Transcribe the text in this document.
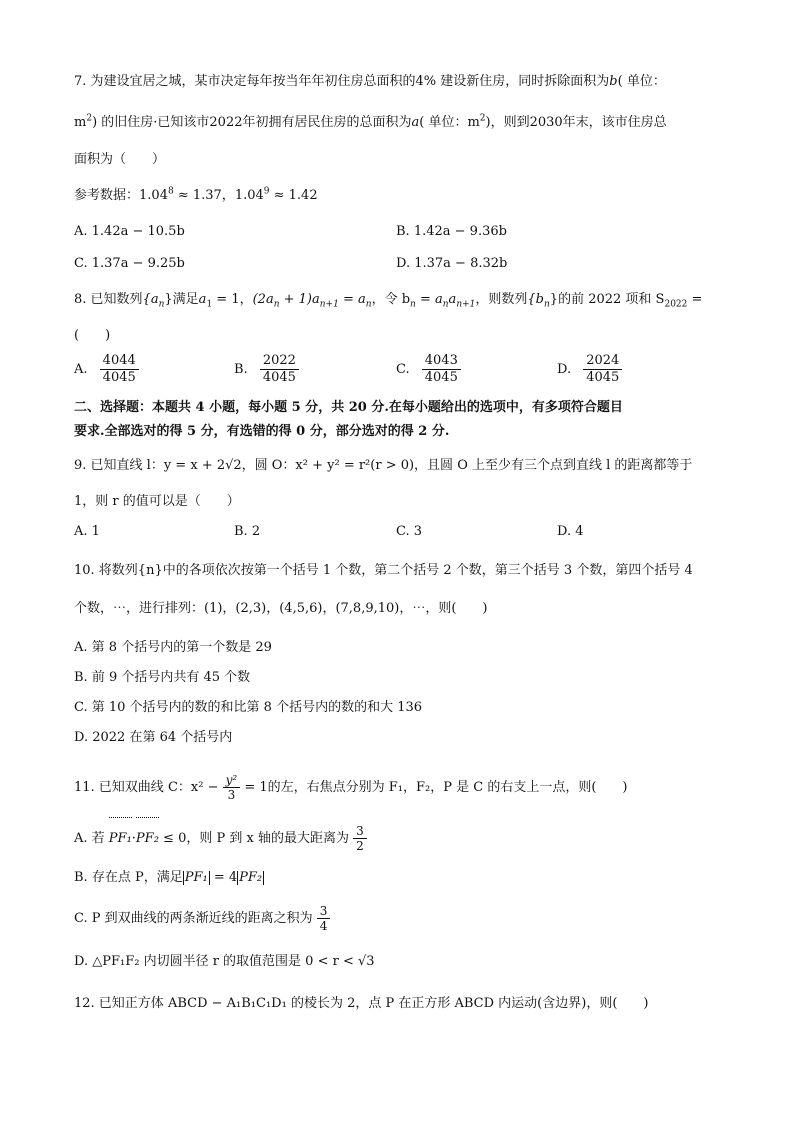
7. 为建设宜居之城，某市决定每年按当年年初住房总面积的4% 建设新住房，同时拆除面积为b( 单位：
$m^2$) 的旧住房·已知该市2022年初拥有居民住房的总面积为a( 单位：$m^2$)，则到2030年末，该市住房总
面积为（　　）
参考数据：$1.04^8 \approx 1.37$，$1.04^9 \approx 1.42$
A. 1.42a − 10.5b	B. 1.42a − 9.36b
C. 1.37a − 9.25b	D. 1.37a − 8.32b
8. 已知数列$\{a_n\}$满足$a_1 = 1$，$(2a_n + 1)a_{n+1} = a_n$，令 $b_n = a_na_{n+1}$，则数列$\{b_n\}$的前 2022 项和 $S_{2022}$ =
(　　)
A. $\frac{4044}{4045}$	B. $\frac{2022}{4045}$	C. $\frac{4043}{4045}$	D. $\frac{2024}{4045}$
二、选择题：本题共 4 小题，每小题 5 分，共 20 分.在每小题给出的选项中，有多项符合题目
要求.全部选对的得 5 分，有选错的得 0 分，部分选对的得 2 分.
9. 已知直线 l：y = x + 2√2，圆 O：x² + y² = r²(r > 0)，且圆 O 上至少有三个点到直线 l 的距离都等于
1，则 r 的值可以是（　　）
A. 1	B. 2	C. 3	D. 4
10. 将数列{n}中的各项依次按第一个括号 1 个数，第二个括号 2 个数，第三个括号 3 个数，第四个括号 4
个数，⋯，进行排列：(1)，(2,3)，(4,5,6)，(7,8,9,10)，⋯，则(　　)
A. 第 8 个括号内的第一个数是 29
B. 前 9 个括号内共有 45 个数
C. 第 10 个括号内的数的和比第 8 个括号内的数的和大 136
D. 2022 在第 64 个括号内
11. 已知双曲线 C：$x^2 - \frac{\text{y²}}{3} = 1$的左，右焦点分别为 F₁，F₂，P 是 C 的右支上一点，则(　　)
A. 若 PF₁·PF₂ ≤ 0，则 P 到 x 轴的最大距离为 $\frac{3}{2}$
B. 存在点 P，满足 PF₁ = 4 PF₂
C. P 到双曲线的两条渐近线的距离之积为 $\frac{3}{4}$
D. △PF₁F₂ 内切圆半径 r 的取值范围是 0 < r < √3
12. 已知正方体 ABCD − A₁B₁C₁D₁ 的棱长为 2，点 P 在正方形 ABCD 内运动(含边界)，则(　　)
